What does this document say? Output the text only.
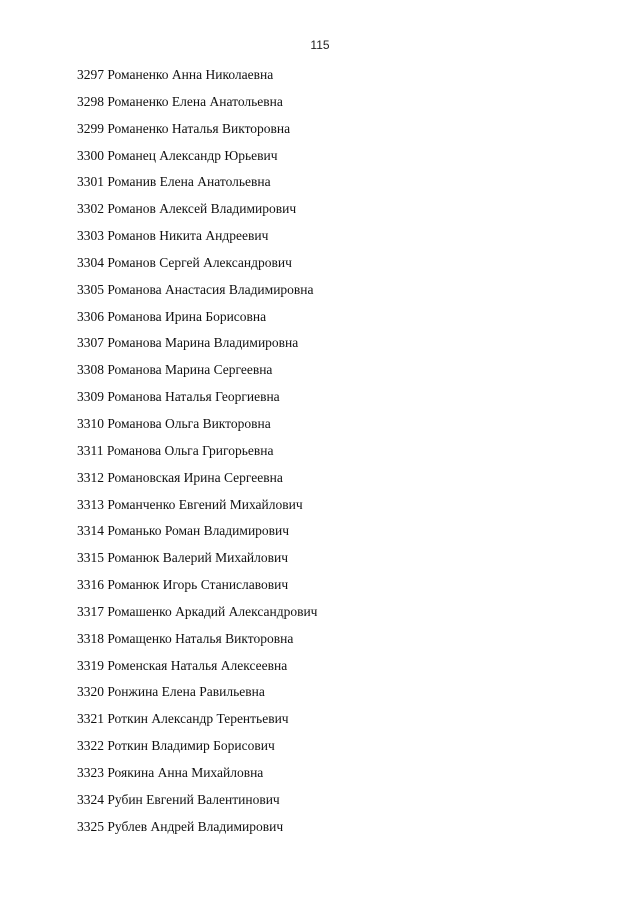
115
3297 Романенко Анна Николаевна
3298 Романенко Елена Анатольевна
3299 Романенко Наталья Викторовна
3300 Романец Александр Юрьевич
3301 Романив Елена Анатольевна
3302 Романов Алексей Владимирович
3303 Романов Никита Андреевич
3304 Романов Сергей Александрович
3305 Романова Анастасия Владимировна
3306 Романова Ирина Борисовна
3307 Романова Марина Владимировна
3308 Романова Марина Сергеевна
3309 Романова Наталья Георгиевна
3310 Романова Ольга Викторовна
3311 Романова Ольга Григорьевна
3312 Романовская Ирина Сергеевна
3313 Романченко Евгений Михайлович
3314 Романько Роман Владимирович
3315 Романюк Валерий Михайлович
3316 Романюк Игорь Станиславович
3317 Ромашенко Аркадий Александрович
3318 Ромащенко Наталья Викторовна
3319 Роменская Наталья Алексеевна
3320 Ронжина Елена Равильевна
3321 Роткин Александр Терентьевич
3322 Роткин Владимир Борисович
3323 Роякина Анна Михайловна
3324 Рубин Евгений Валентинович
3325 Рублев Андрей Владимирович
